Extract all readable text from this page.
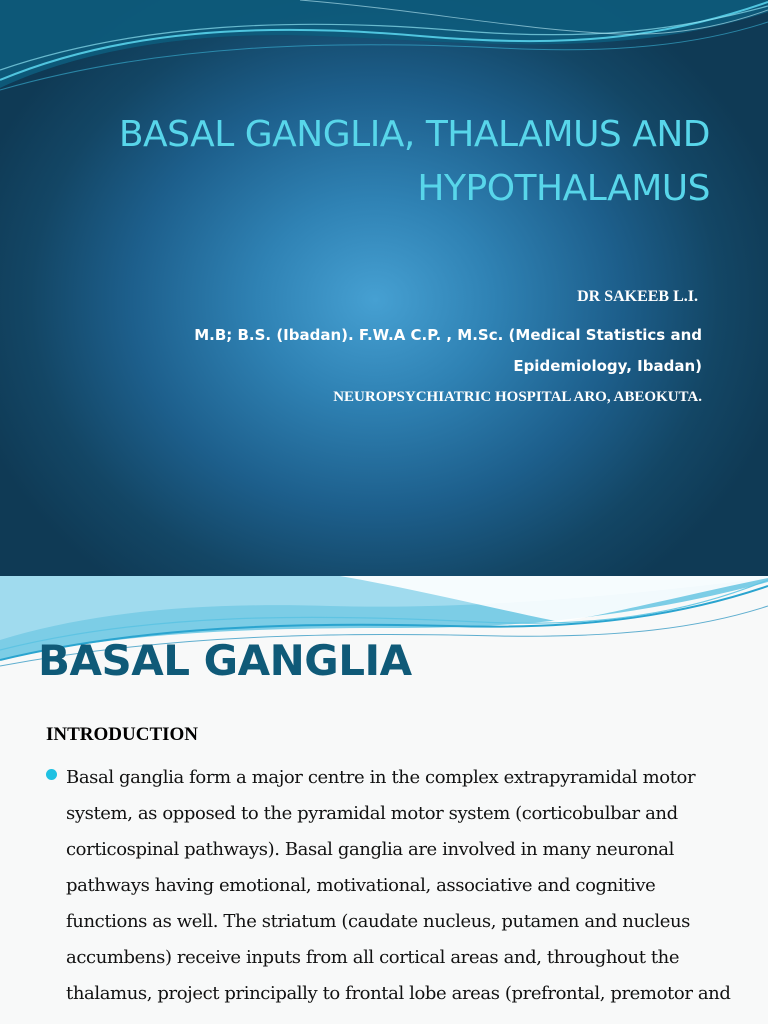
BASAL GANGLIA, THALAMUS AND HYPOTHALAMUS

DR SAKEEB L.I.

M.B; B.S. (Ibadan). F.W.A C.P. , M.Sc. (Medical Statistics and Epidemiology, Ibadan)

NEUROPSYCHIATRIC HOSPITAL ARO, ABEOKUTA.

BASAL GANGLIA

INTRODUCTION

Basal ganglia form a major centre in the complex extrapyramidal motor system, as opposed to the pyramidal motor system (corticobulbar and corticospinal pathways). Basal ganglia are involved in many neuronal pathways having emotional, motivational, associative and cognitive functions as well. The striatum (caudate nucleus, putamen and nucleus accumbens) receive inputs from all cortical areas and, throughout the thalamus, project principally to frontal lobe areas (prefrontal, premotor and
